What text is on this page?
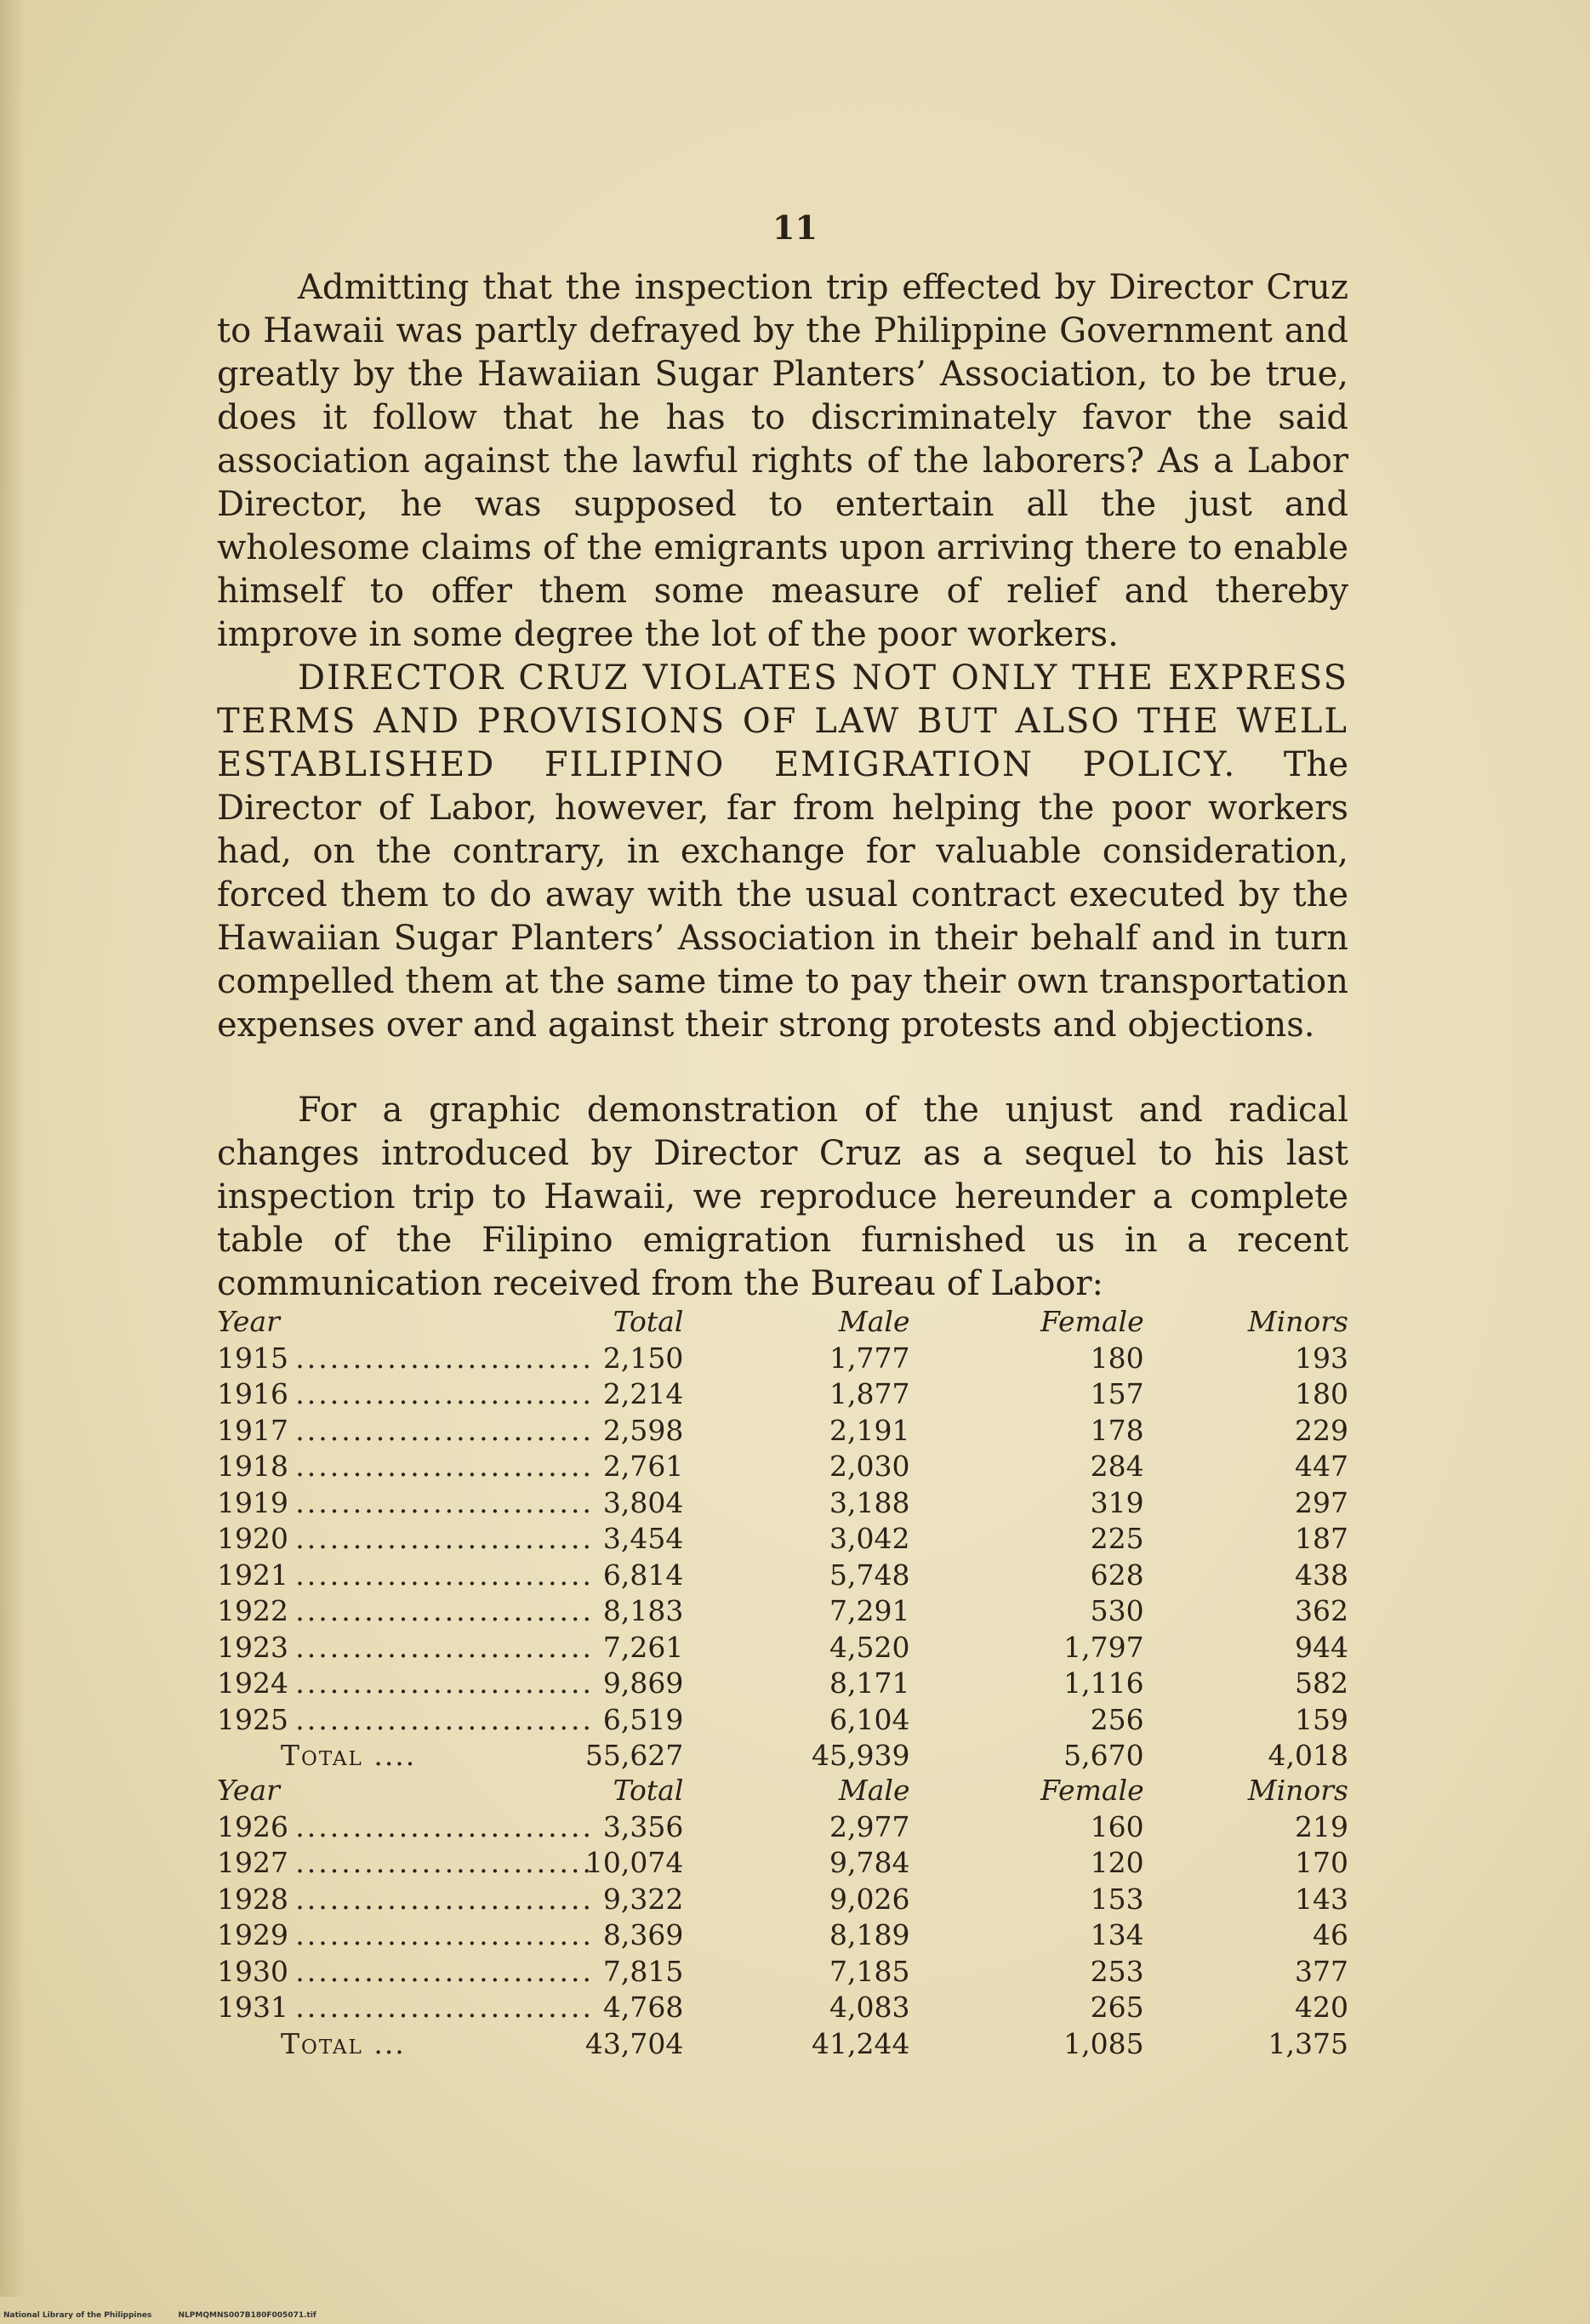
11

Admitting that the inspection trip effected by Director Cruz to Hawaii was partly defrayed by the Philippine Government and greatly by the Hawaiian Sugar Planters’ Association, to be true, does it follow that he has to discriminately favor the said association against the lawful rights of the laborers? As a Labor Director, he was supposed to entertain all the just and wholesome claims of the emigrants upon arriving there to enable himself to offer them some measure of relief and thereby improve in some degree the lot of the poor workers.

DIRECTOR CRUZ VIOLATES NOT ONLY THE EXPRESS TERMS AND PROVISIONS OF LAW BUT ALSO THE WELL ESTABLISHED FILIPINO EMIGRATION POLICY. The Director of Labor, however, far from helping the poor workers had, on the contrary, in exchange for valuable consideration, forced them to do away with the usual contract executed by the Hawaiian Sugar Planters’ Association in their behalf and in turn compelled them at the same time to pay their own transportation expenses over and against their strong protests and objections.

For a graphic demonstration of the unjust and radical changes introduced by Director Cruz as a sequel to his last inspection trip to Hawaii, we reproduce hereunder a complete table of the Filipino emigration furnished us in a recent communication received from the Bureau of Labor:

Year		Total	Male	Female	Minors
1915	..........................	2,150	1,777	180	193
1916	..........................	2,214	1,877	157	180
1917	..........................	2,598	2,191	178	229
1918	..........................	2,761	2,030	284	447
1919	..........................	3,804	3,188	319	297
1920	..........................	3,454	3,042	225	187
1921	..........................	6,814	5,748	628	438
1922	..........................	8,183	7,291	530	362
1923	..........................	7,261	4,520	1,797	944
1924	..........................	9,869	8,171	1,116	582
1925	..........................	6,519	6,104	256	159
Total ....		55,627	45,939	5,670	4,018
Year		Total	Male	Female	Minors
1926	..........................	3,356	2,977	160	219
1927	..........................	10,074	9,784	120	170
1928	..........................	9,322	9,026	153	143
1929	..........................	8,369	8,189	134	46
1930	..........................	7,815	7,185	253	377
1931	..........................	4,768	4,083	265	420
Total ...		43,704	41,244	1,085	1,375
National Library of the Philippines	NLPMQMNS007B180F005071.tif
